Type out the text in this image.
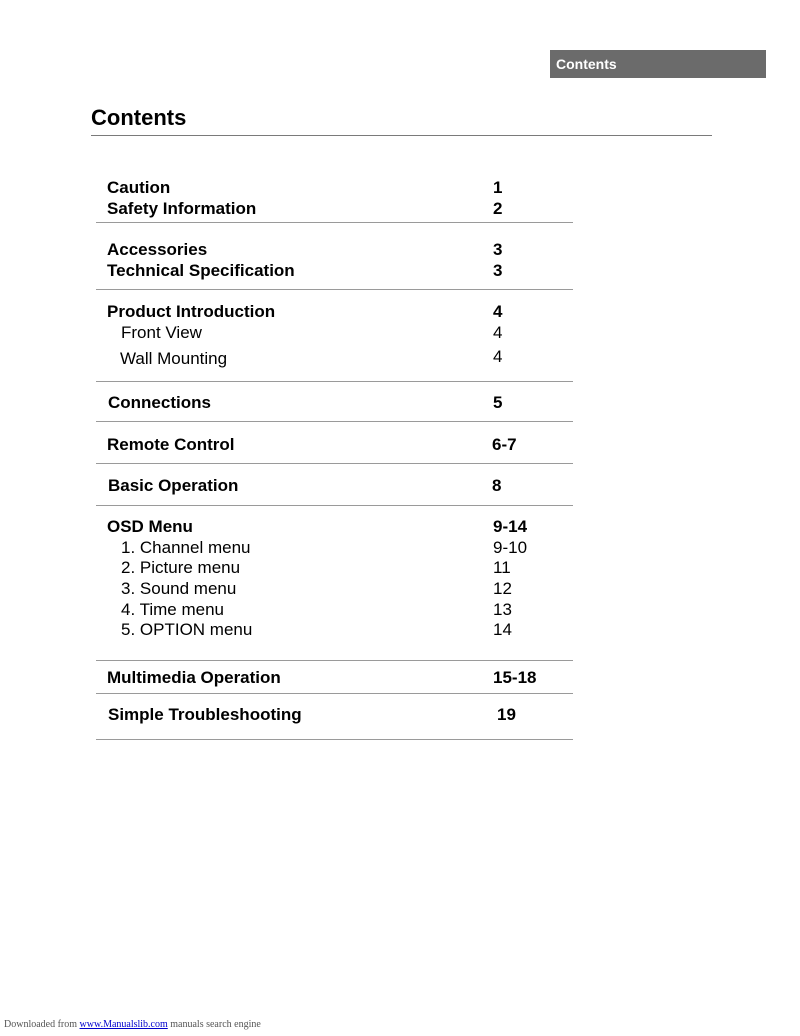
Contents
Contents
Caution	1
Safety Information	2
Accessories	3
Technical Specification	3
Product Introduction	4
Front View	4
Wall Mounting	4
Connections	5
Remote Control	6-7
Basic Operation	8
OSD Menu	9-14
1. Channel menu	9-10
2. Picture menu	11
3. Sound menu	12
4. Time menu	13
5. OPTION menu	14
Multimedia Operation	15-18
Simple Troubleshooting	19
Downloaded from www.Manualslib.com manuals search engine
